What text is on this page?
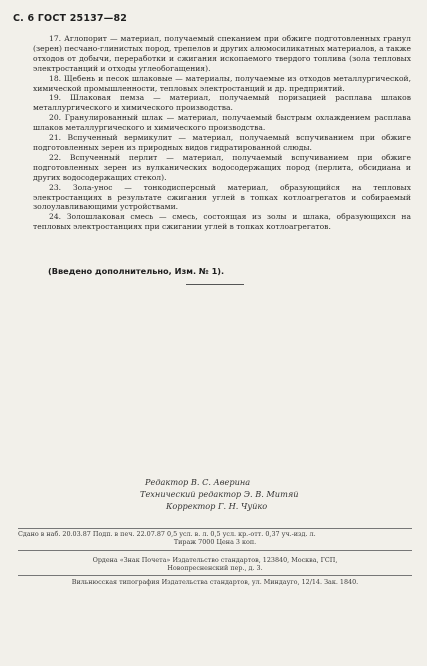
С. 6 ГОСТ 25137—82

17. Аглопорит — материал, получаемый спеканием при обжиге подготовленных гранул (зерен) песчано-глинистых пород, трепелов и других алюмосиликатных материалов, а также отходов от добычи, переработки и сжигания ископаемого твердого топлива (зола тепловых электростанций и отходы углеобогащения).

18. Щебень и песок шлаковые — материалы, получаемые из отходов металлургической, химической промышленности, тепловых электростанций и др. предприятий.

19. Шлаковая пемза — материал, получаемый поризацией расплава шлаков металлургического и химического производства.

20. Гранулированный шлак — материал, получаемый быстрым охлаждением расплава шлаков металлургического и химического производства.

21. Вспученный вермикулит — материал, получаемый вспучиванием при обжиге подготовленных зерен из природных видов гидратированной слюды.

22. Вспученный перлит — материал, получаемый вспучиванием при обжиге подготовленных зерен из вулканических водосодержащих пород (перлита, обсидиана и других водосодержащих стекол).

23. Зола-унос — тонкодисперсный материал, образующийся на тепловых электростанциях в результате сжигания углей в топках котлоагрегатов и собираемый золоулавливающими устройствами.

24. Золошлаковая смесь — смесь, состоящая из золы и шлака, образующихся на тепловых электростанциях при сжигании углей в топках котлоагрегатов.

(Введено дополнительно, Изм. № 1).
Редактор В. С. Аверина
Технический редактор Э. В. Митяй
Корректор Г. Н. Чуйко
Сдано в наб. 20.03.87 Подп. в печ. 22.07.87 0,5 усл. в. л. 0,5 усл. кр.-отт. 0,37 уч.-изд. л.
Тираж 7000 Цена 3 коп.
Ордена «Знак Почета» Издательство стандартов, 123840, Москва, ГСП,
Новопресненский пер., д. 3.
Вильнюсская типография Издательства стандартов, ул. Миндауго, 12/14. Зак. 1840.
